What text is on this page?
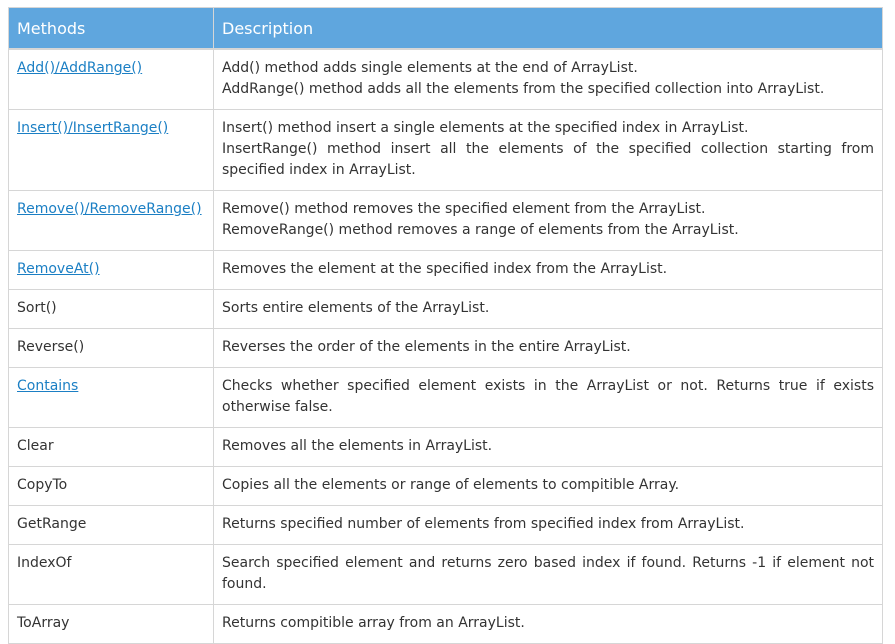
Methods	Description
Add()/AddRange()	Add() method adds single elements at the end of ArrayList.
AddRange() method adds all the elements from the specified collection into ArrayList.

Insert()/InsertRange()	Insert() method insert a single elements at the specified index in ArrayList.
InsertRange() method insert all the elements of the specified collection starting from specified index in ArrayList.

Remove()/RemoveRange()	Remove() method removes the specified element from the ArrayList.
RemoveRange() method removes a range of elements from the ArrayList.

RemoveAt()	Removes the element at the specified index from the ArrayList.

Sort()	Sorts entire elements of the ArrayList.

Reverse()	Reverses the order of the elements in the entire ArrayList.

Contains	Checks whether specified element exists in the ArrayList or not. Returns true if exists otherwise false.

Clear	Removes all the elements in ArrayList.

CopyTo	Copies all the elements or range of elements to compitible Array.

GetRange	Returns specified number of elements from specified index from ArrayList.

IndexOf	Search specified element and returns zero based index if found. Returns -1 if element not found.

ToArray	Returns compitible array from an ArrayList.
